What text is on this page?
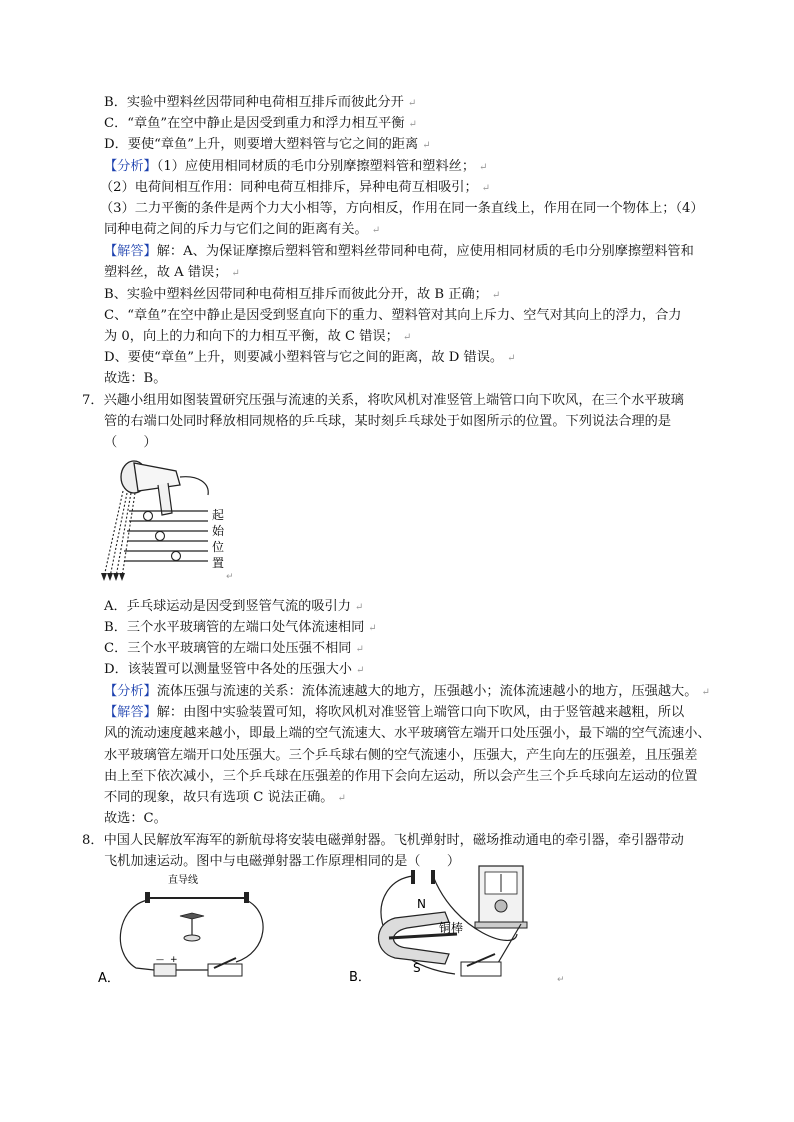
B．实验中塑料丝因带同种电荷相互排斥而彼此分开 ↵
C．“章鱼”在空中静止是因受到重力和浮力相互平衡 ↵
D．要使“章鱼”上升，则要增大塑料管与它之间的距离 ↵
【分析】（1）应使用相同材质的毛巾分别摩擦塑料管和塑料丝； ↵
（2）电荷间相互作用：同种电荷互相排斥，异种电荷互相吸引； ↵
（3）二力平衡的条件是两个力大小相等，方向相反，作用在同一条直线上，作用在同一个物体上；（4）
同种电荷之间的斥力与它们之间的距离有关。 ↵
【解答】解：A、为保证摩擦后塑料管和塑料丝带同种电荷，应使用相同材质的毛巾分别摩擦塑料管和
塑料丝，故 A 错误； ↵
B、实验中塑料丝因带同种电荷相互排斥而彼此分开，故 B 正确； ↵
C、“章鱼”在空中静止是因受到竖直向下的重力、塑料管对其向上斥力、空气对其向上的浮力，合力
为 0，向上的力和向下的力相互平衡，故 C 错误； ↵
D、要使“章鱼”上升，则要减小塑料管与它之间的距离，故 D 错误。 ↵
故选：B。
7．兴趣小组用如图装置研究压强与流速的关系，将吹风机对准竖管上端管口向下吹风，在三个水平玻璃
管的右端口处同时释放相同规格的乒乓球，某时刻乒乓球处于如图所示的位置。下列说法合理的是
（　　）
起
始
位
置
↵
A．乒乓球运动是因受到竖管气流的吸引力 ↵
B．三个水平玻璃管的左端口处气体流速相同 ↵
C．三个水平玻璃管的左端口处压强不相同 ↵
D．该装置可以测量竖管中各处的压强大小 ↵
【分析】流体压强与流速的关系：流体流速越大的地方，压强越小；流体流速越小的地方，压强越大。 ↵
【解答】解：由图中实验装置可知，将吹风机对准竖管上端管口向下吹风，由于竖管越来越粗，所以
风的流动速度越来越小，即最上端的空气流速大、水平玻璃管左端开口处压强小，最下端的空气流速小、
水平玻璃管左端开口处压强大。三个乒乓球右侧的空气流速小，压强大，产生向左的压强差，且压强差
由上至下依次减小，三个乒乓球在压强差的作用下会向左运动，所以会产生三个乒乓球向左运动的位置
不同的现象，故只有选项 C 说法正确。 ↵
故选：C。
8．中国人民解放军海军的新航母将安装电磁弹射器。飞机弹射时，磁场推动通电的牵引器，牵引器带动
飞机加速运动。图中与电磁弹射器工作原理相同的是（　　）
A．
直导线
— +
B．
N
铜棒
S
↵
